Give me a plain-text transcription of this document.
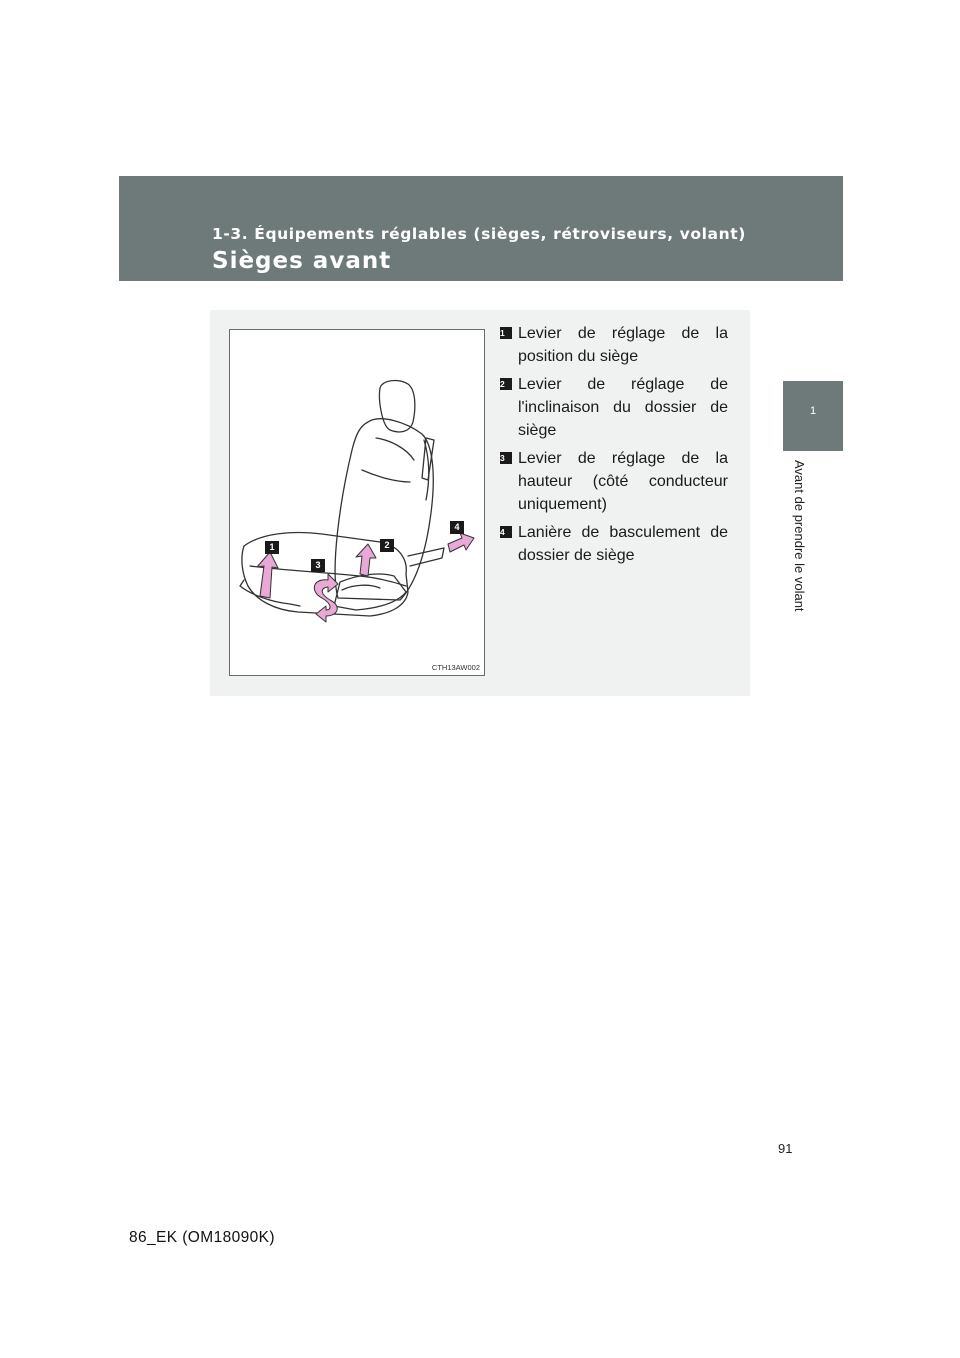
1-3. Équipements réglables (sièges, rétroviseurs, volant)
Sièges avant
1
Avant de prendre le volant
1	2
3
4
CTH13AW002
1 Levier de réglage de la position du siège
2 Levier de réglage de l'inclinaison du dossier de siège
3 Levier de réglage de la hauteur (côté conducteur uniquement)
4 Lanière de basculement de dossier de siège
91
86_EK (OM18090K)
